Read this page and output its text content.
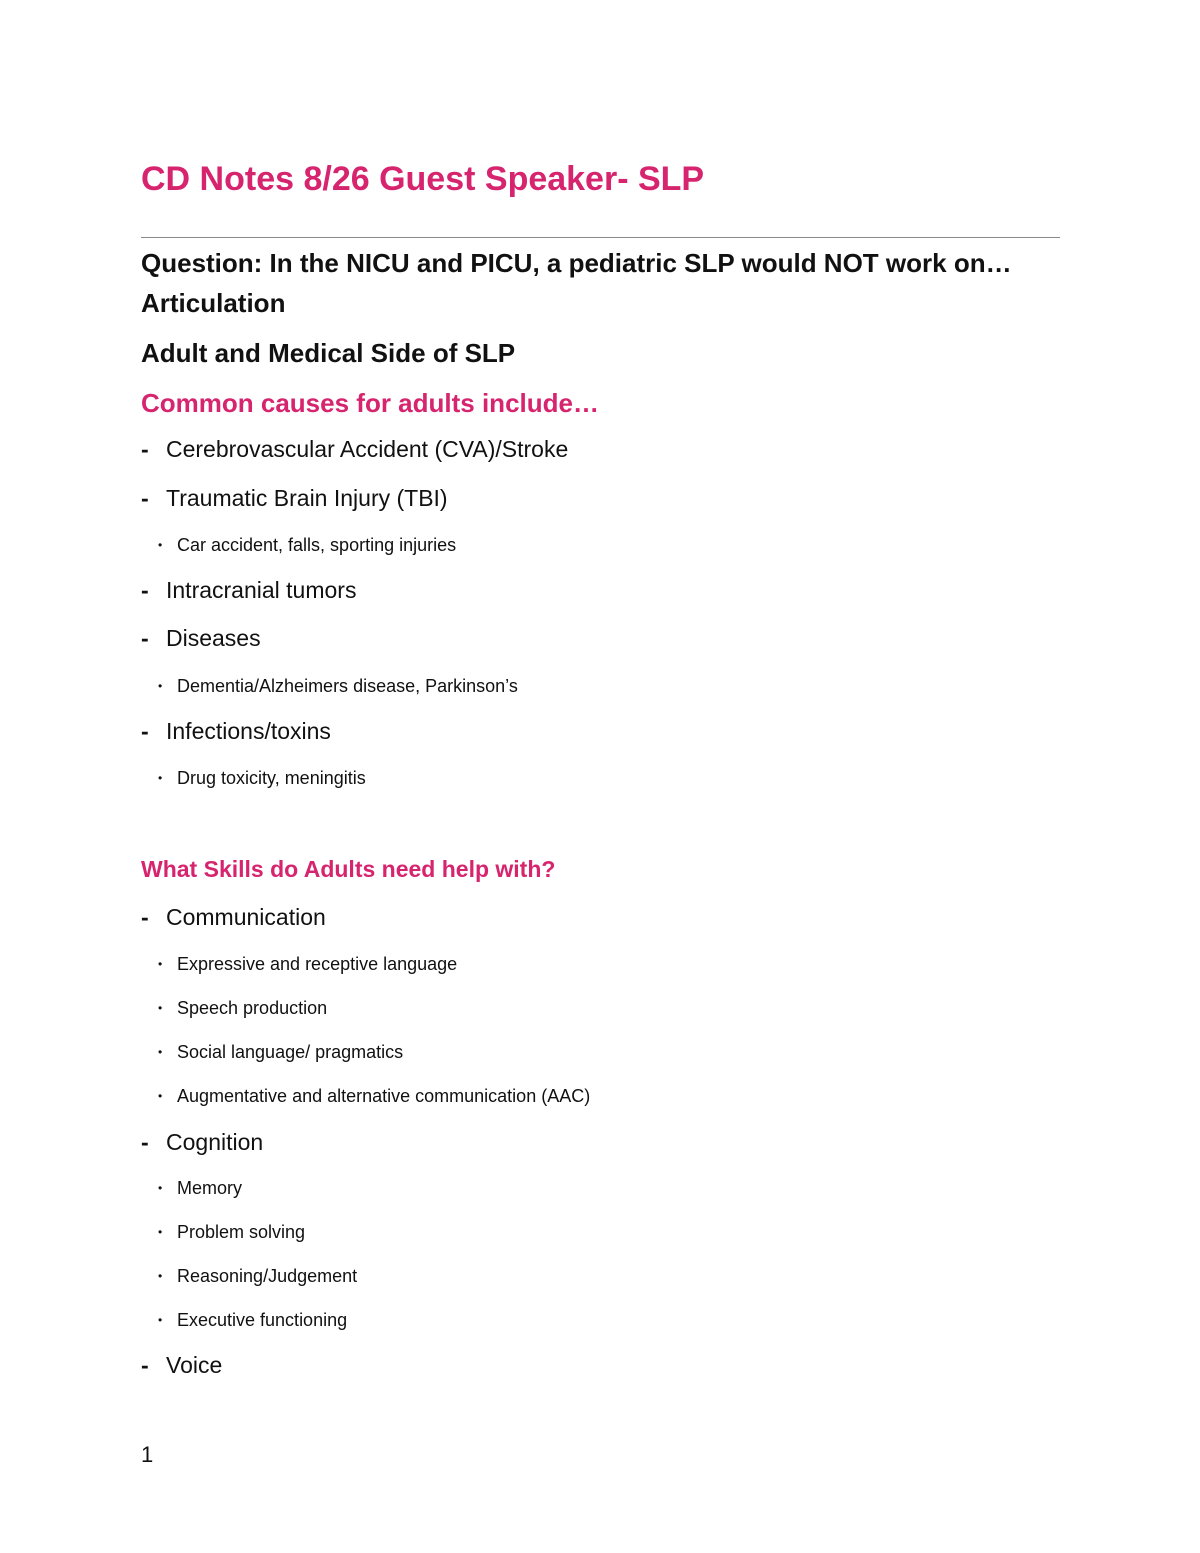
CD Notes 8/26 Guest Speaker- SLP

Question: In the NICU and PICU, a pediatric SLP would NOT work on… Articulation

Adult and Medical Side of SLP
Common causes for adults include…
- Cerebrovascular Accident (CVA)/Stroke
- Traumatic Brain Injury (TBI)
• Car accident, falls, sporting injuries
- Intracranial tumors
- Diseases
• Dementia/Alzheimers disease, Parkinson’s
- Infections/toxins
• Drug toxicity, meningitis
What Skills do Adults need help with?
- Communication
• Expressive and receptive language
• Speech production
• Social language/ pragmatics
• Augmentative and alternative communication (AAC)
- Cognition
• Memory
• Problem solving
• Reasoning/Judgement
• Executive functioning
- Voice
1
